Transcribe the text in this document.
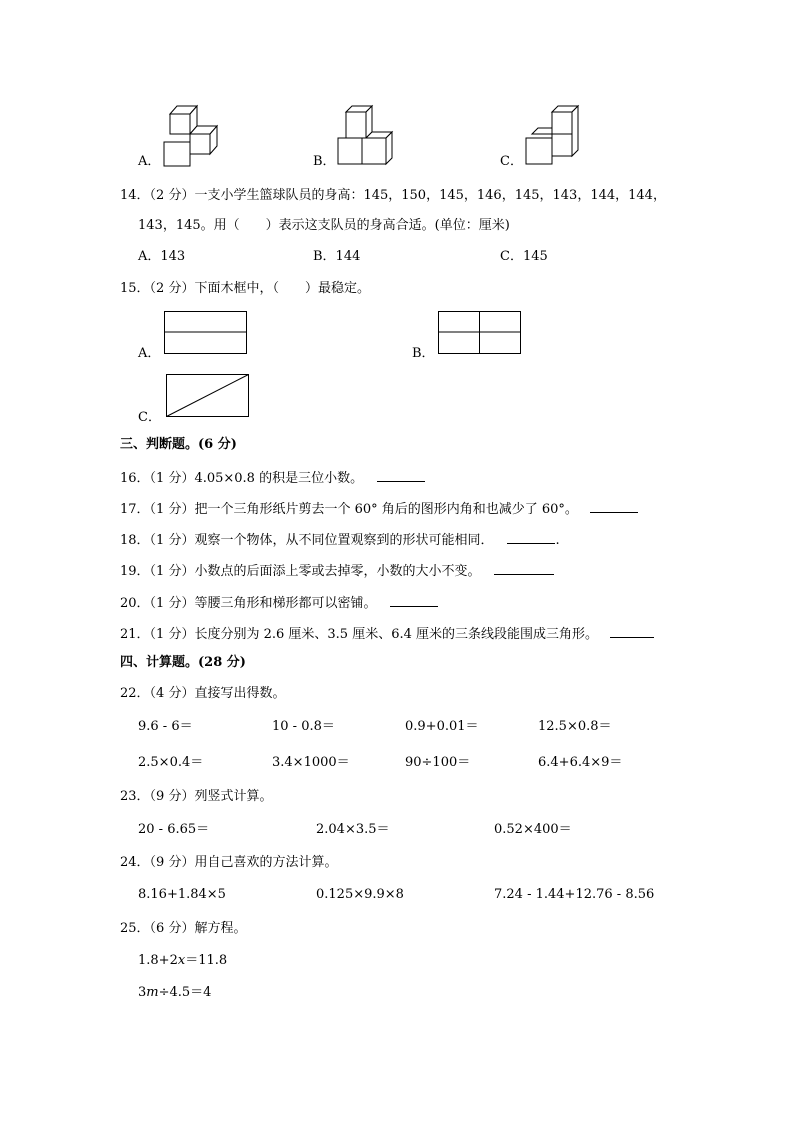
A．	B．	C．
14．（2 分）一支小学生篮球队员的身高：145，150，145，146，145，143，144，144，
143，145。用（　　）表示这支队员的身高合适。(单位：厘米)
A．143	B．144	C．145
15．（2 分）下面木框中，（　　）最稳定。
A．	B．
C．
三、判断题。(6 分)
16．（1 分）4.05×0.8 的积是三位小数。
17．（1 分）把一个三角形纸片剪去一个 60° 角后的图形内角和也减少了 60°。
18．（1 分）观察一个物体，从不同位置观察到的形状可能相同．	.
19．（1 分）小数点的后面添上零或去掉零，小数的大小不变。
20．（1 分）等腰三角形和梯形都可以密铺。
21．（1 分）长度分别为 2.6 厘米、3.5 厘米、6.4 厘米的三条线段能围成三角形。
四、计算题。(28 分)
22．（4 分）直接写出得数。
9.6 - 6＝	10 - 0.8＝	0.9+0.01＝	12.5×0.8＝
2.5×0.4＝	3.4×1000＝	90÷100＝	6.4+6.4×9＝
23．（9 分）列竖式计算。
20 - 6.65＝	2.04×3.5＝	0.52×400＝
24．（9 分）用自己喜欢的方法计算。
8.16+1.84×5	0.125×9.9×8	7.24 - 1.44+12.76 - 8.56
25．（6 分）解方程。
1.8+2x＝11.8
3m÷4.5＝4
